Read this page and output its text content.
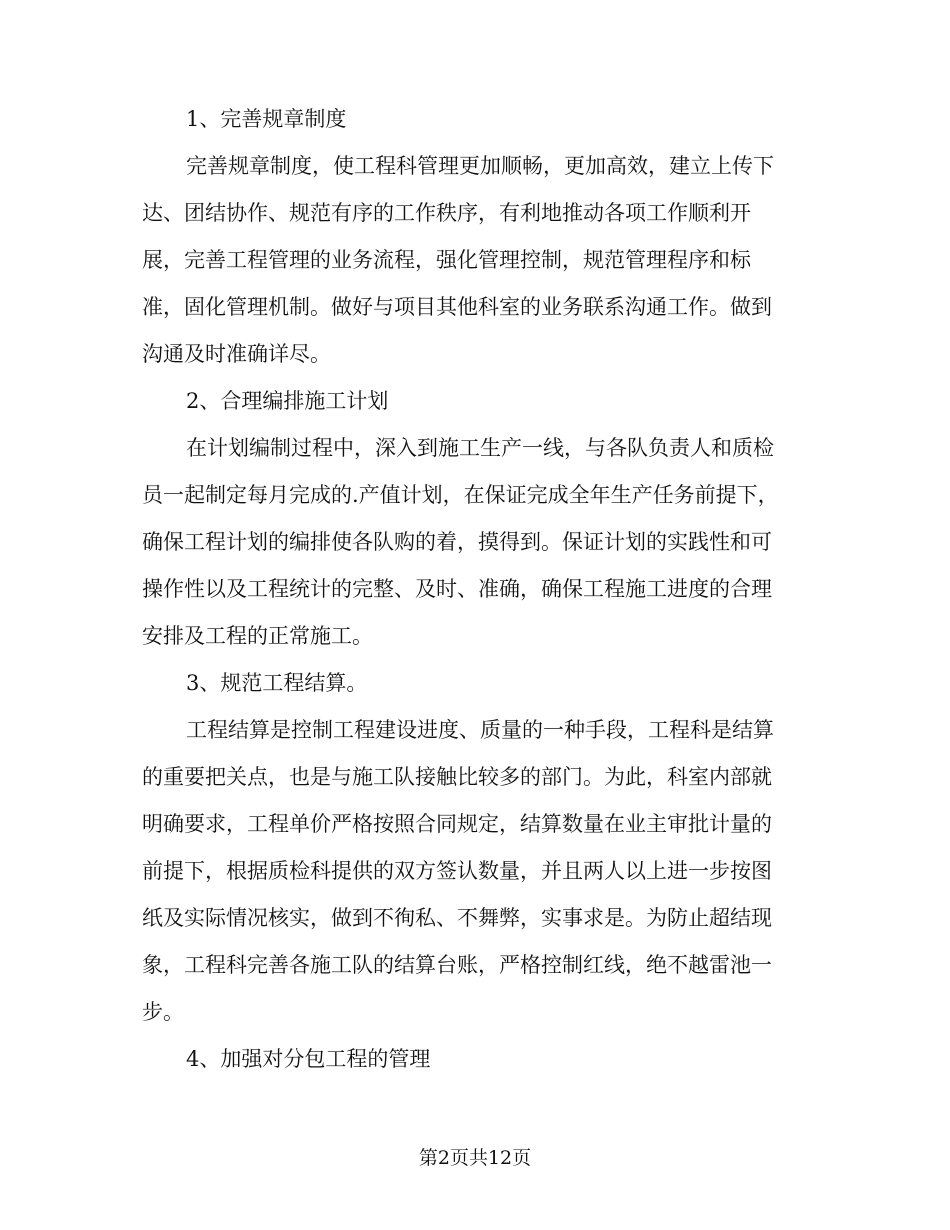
1、完善规章制度
完善规章制度，使工程科管理更加顺畅，更加高效，建立上传下
达、团结协作、规范有序的工作秩序，有利地推动各项工作顺利开
展，完善工程管理的业务流程，强化管理控制，规范管理程序和标
准，固化管理机制。做好与项目其他科室的业务联系沟通工作。做到
沟通及时准确详尽。
2、合理编排施工计划
在计划编制过程中，深入到施工生产一线，与各队负责人和质检
员一起制定每月完成的.产值计划，在保证完成全年生产任务前提下，
确保工程计划的编排使各队购的着，摸得到。保证计划的实践性和可
操作性以及工程统计的完整、及时、准确，确保工程施工进度的合理
安排及工程的正常施工。
3、规范工程结算。
工程结算是控制工程建设进度、质量的一种手段，工程科是结算
的重要把关点，也是与施工队接触比较多的部门。为此，科室内部就
明确要求，工程单价严格按照合同规定，结算数量在业主审批计量的
前提下，根据质检科提供的双方签认数量，并且两人以上进一步按图
纸及实际情况核实，做到不徇私、不舞弊，实事求是。为防止超结现
象，工程科完善各施工队的结算台账，严格控制红线，绝不越雷池一
步。
4、加强对分包工程的管理
第2页共12页
